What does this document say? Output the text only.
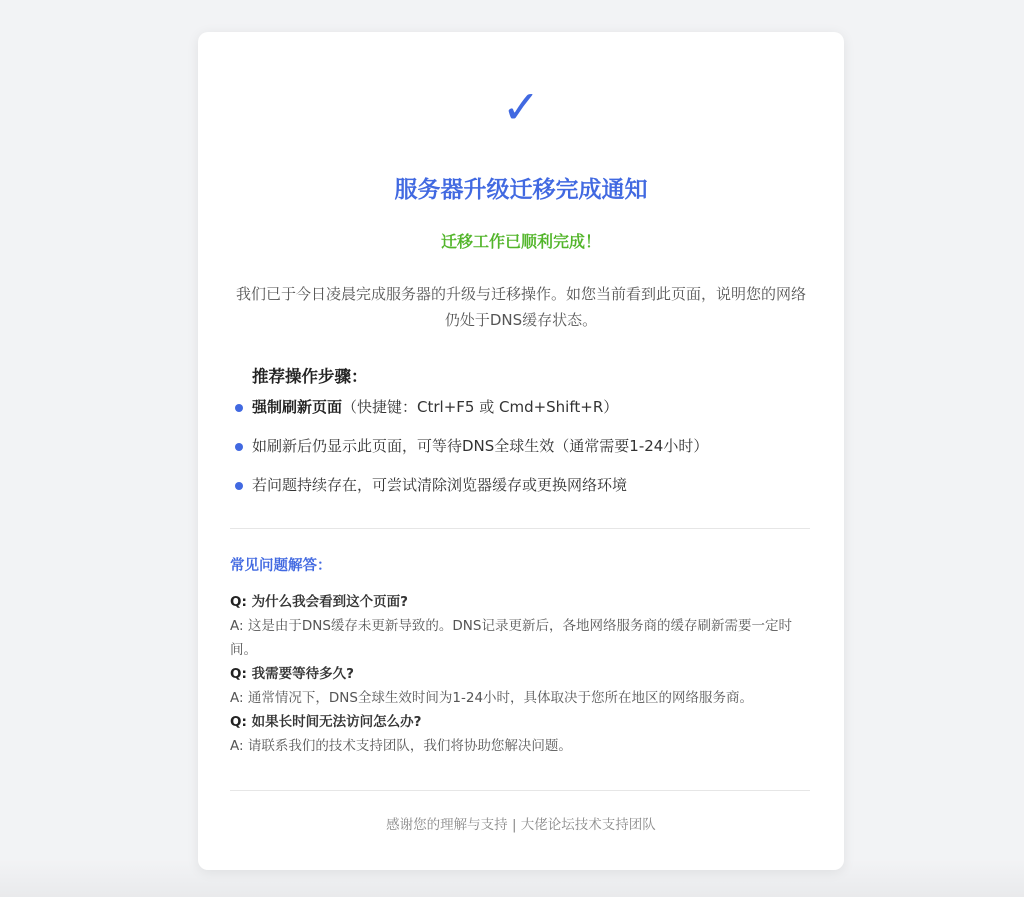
✓
服务器升级迁移完成通知
迁移工作已顺利完成！
我们已于今日凌晨完成服务器的升级与迁移操作。如您当前看到此页面，说明您的网络仍处于DNS缓存状态。
推荐操作步骤：
强制刷新页面（快捷键：Ctrl+F5 或 Cmd+Shift+R）
如刷新后仍显示此页面，可等待DNS全球生效（通常需要1-24小时）
若问题持续存在，可尝试清除浏览器缓存或更换网络环境
常见问题解答：
Q: 为什么我会看到这个页面?
A: 这是由于DNS缓存未更新导致的。DNS记录更新后，各地网络服务商的缓存刷新需要一定时间。
Q: 我需要等待多久?
A: 通常情况下，DNS全球生效时间为1-24小时，具体取决于您所在地区的网络服务商。
Q: 如果长时间无法访问怎么办?
A: 请联系我们的技术支持团队，我们将协助您解决问题。
感谢您的理解与支持 | 大佬论坛技术支持团队
